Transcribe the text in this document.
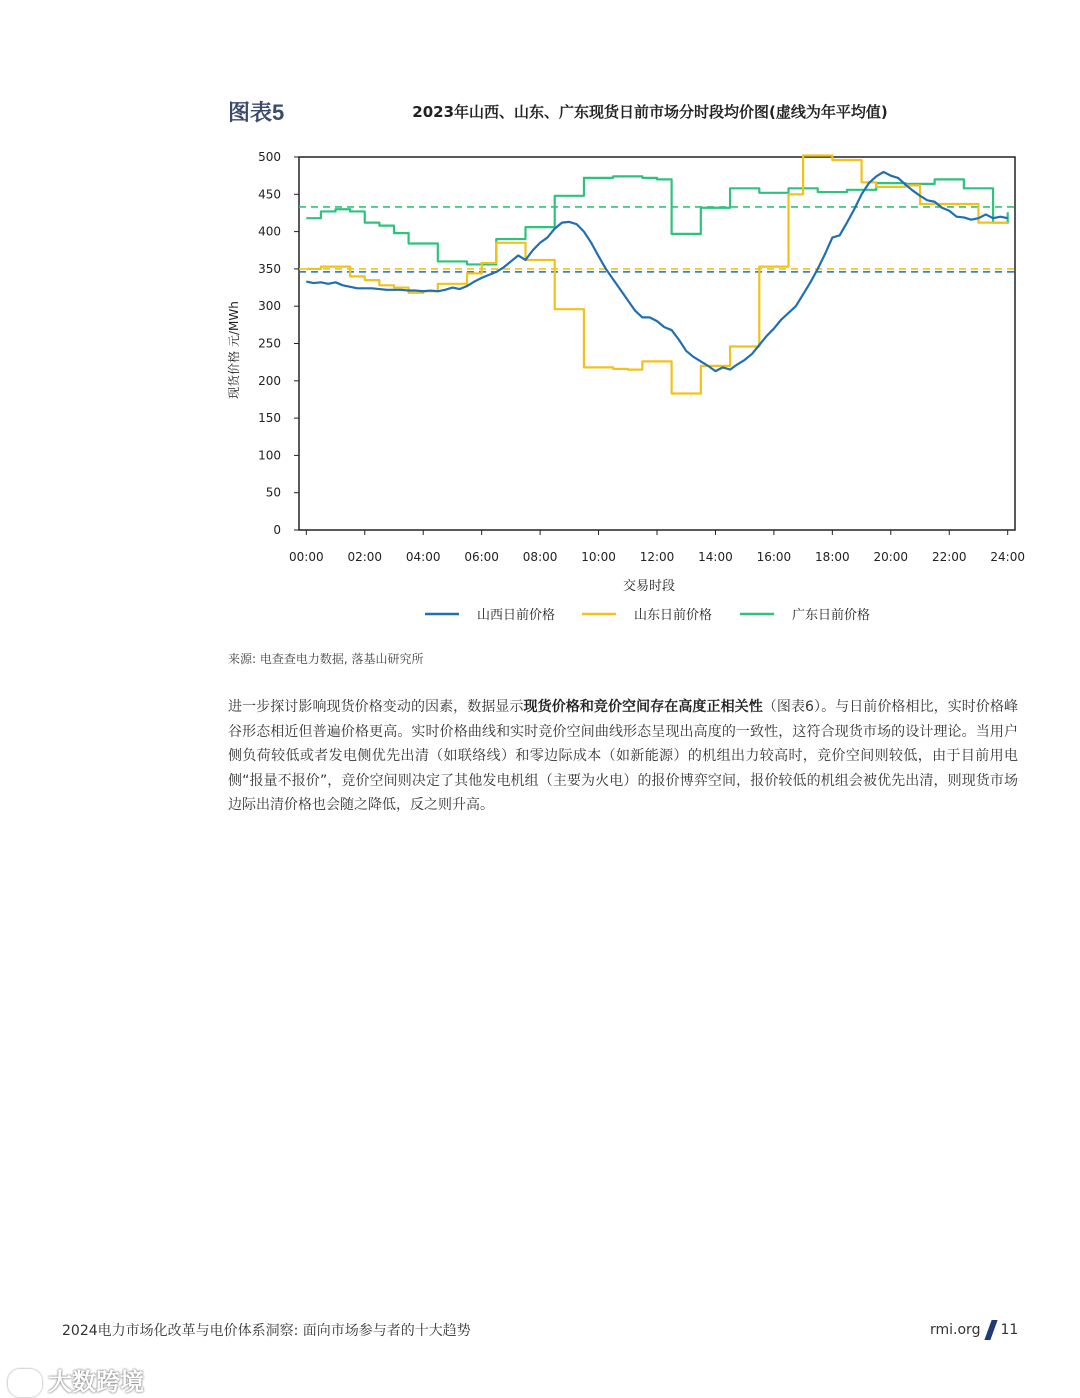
图表5	2023年山西、山东、广东现货日前市场分时段均价图(虚线为年平均值)
0
50
100
150
200
250
300
350
400
450
500
00:00 02:00 04:00 06:00 08:00 10:00 12:00 14:00 16:00 18:00 20:00 22:00 24:00
交易时段
现货价格 元/MWh
山西日前价格	山东日前价格	广东日前价格
来源: 电查查电力数据, 落基山研究所
进一步探讨影响现货价格变动的因素，数据显示现货价格和竞价空间存在高度正相关性（图表6）。与日前价格相比，实时价格峰谷形态相近但普遍价格更高。实时价格曲线和实时竞价空间曲线形态呈现出高度的一致性，这符合现货市场的设计理论。当用户侧负荷较低或者发电侧优先出清（如联络线）和零边际成本（如新能源）的机组出力较高时，竞价空间则较低，由于目前用电侧“报量不报价”，竞价空间则决定了其他发电机组（主要为火电）的报价博弈空间，报价较低的机组会被优先出清，则现货市场边际出清价格也会随之降低，反之则升高。
2024电力市场化改革与电价体系洞察: 面向市场参与者的十大趋势	rmi.org 11
大数跨境
